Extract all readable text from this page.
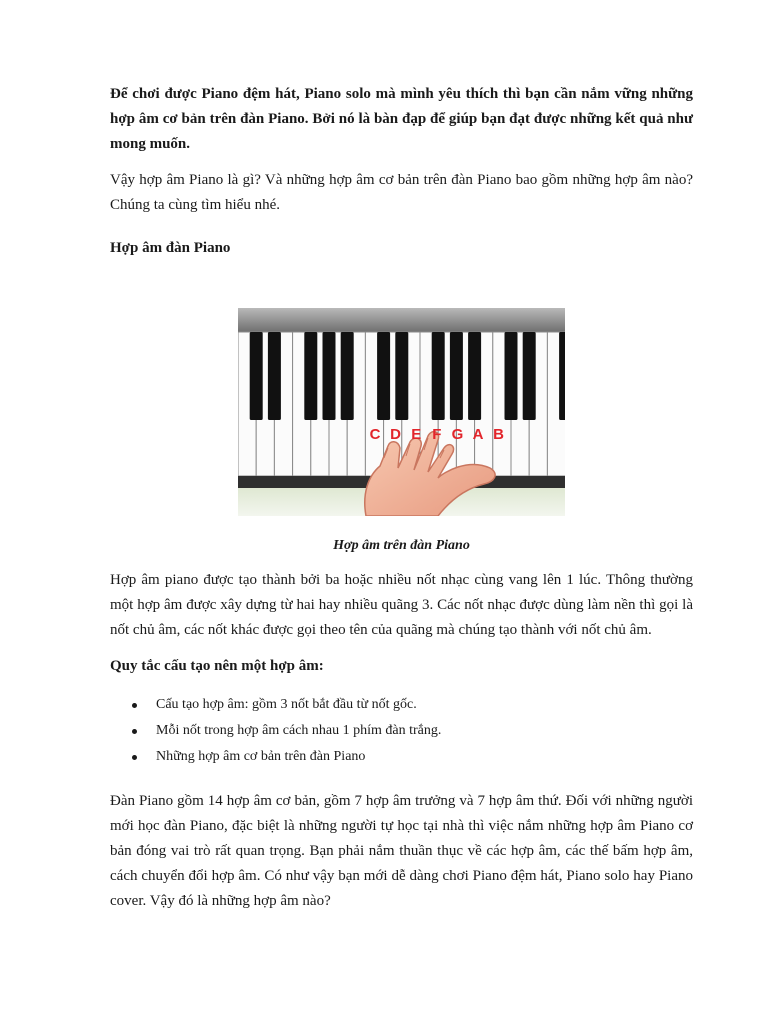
Để chơi được Piano đệm hát, Piano solo mà mình yêu thích thì bạn cần nắm vững những hợp âm cơ bản trên đàn Piano. Bởi nó là bàn đạp để giúp bạn đạt được những kết quả như mong muốn.
Vậy hợp âm Piano là gì? Và những hợp âm cơ bản trên đàn Piano bao gồm những hợp âm nào? Chúng ta cùng tìm hiểu nhé.
Hợp âm đàn Piano
C D E F G A B
Hợp âm trên đàn Piano
Hợp âm piano được tạo thành bởi ba hoặc nhiều nốt nhạc cùng vang lên 1 lúc. Thông thường một hợp âm được xây dựng từ hai hay nhiều quãng 3. Các nốt nhạc được dùng làm nền thì gọi là nốt chủ âm, các nốt khác được gọi theo tên của quãng mà chúng tạo thành với nốt chủ âm.
Quy tắc cấu tạo nên một hợp âm:
Cấu tạo hợp âm: gồm 3 nốt bắt đầu từ nốt gốc.
Mỗi nốt trong hợp âm cách nhau 1 phím đàn trắng.
Những hợp âm cơ bản trên đàn Piano
Đàn Piano gồm 14 hợp âm cơ bản, gồm 7 hợp âm trưởng và 7 hợp âm thứ. Đối với những người mới học đàn Piano, đặc biệt là những người tự học tại nhà thì việc nắm những hợp âm Piano cơ bản đóng vai trò rất quan trọng. Bạn phải nắm thuần thục về các hợp âm, các thế bấm hợp âm, cách chuyển đổi hợp âm. Có như vậy bạn mới dễ dàng chơi Piano đệm hát, Piano solo hay Piano cover. Vậy đó là những hợp âm nào?
